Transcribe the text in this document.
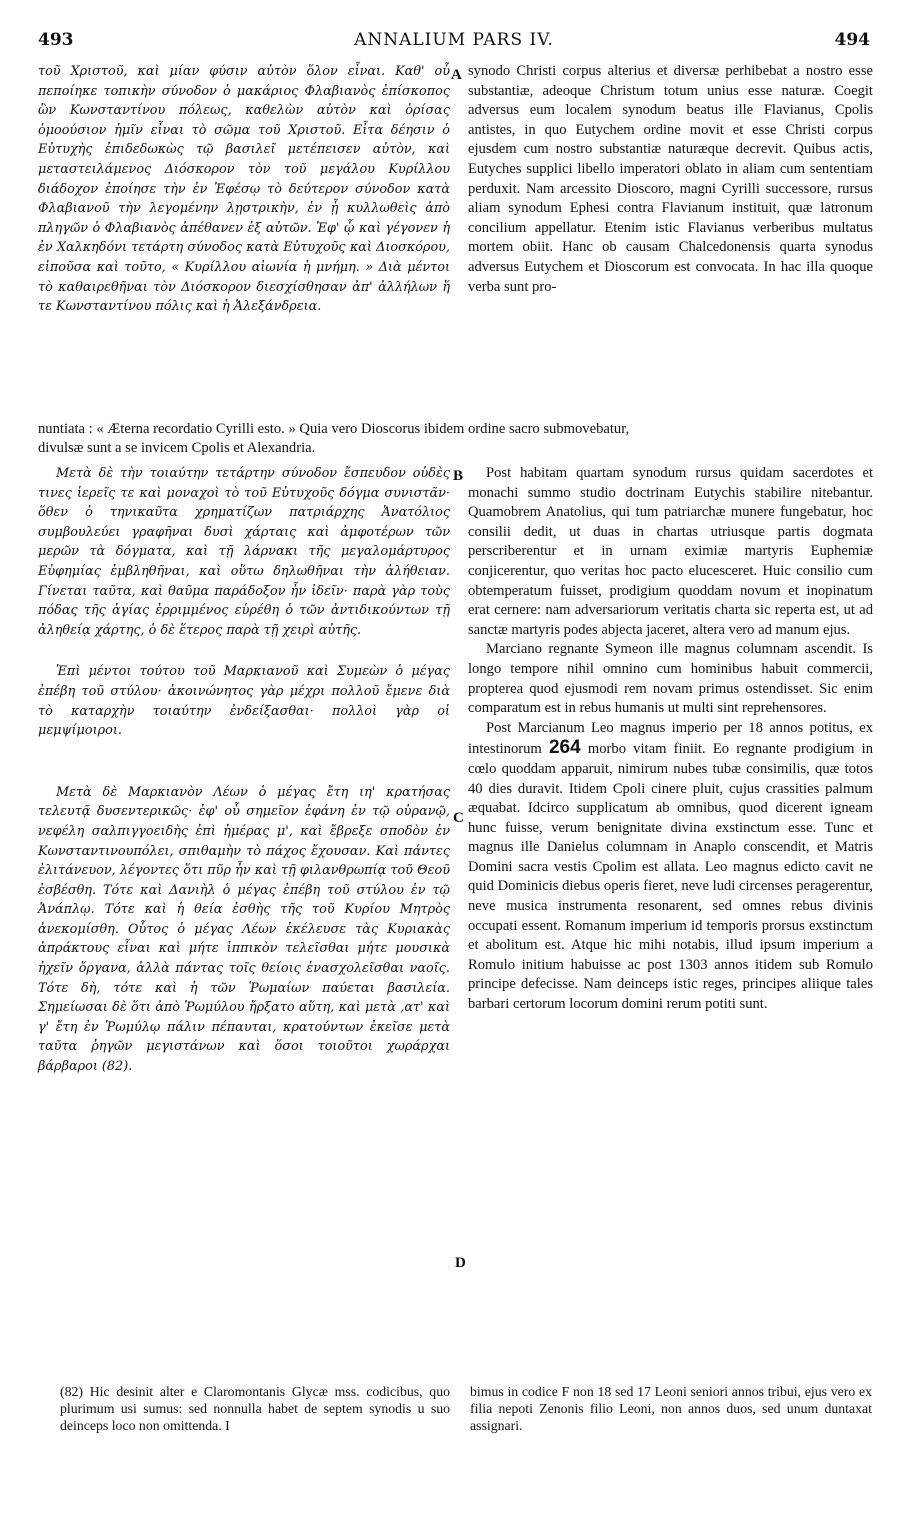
493	ANNALIUM PARS IV.	494
A
B
C
D

τοῦ Χριστοῦ, καὶ μίαν φύσιν αὐτὸν ὅλον εἶναι. Καθ' οὗ πεποίηκε τοπικὴν σύνοδον ὁ μακάριος Φλαβιανὸς ἐπίσκοπος ὢν Κωνσταντίνου πόλεως, καθελὼν αὐτὸν καὶ ὁρίσας ὁμοούσιον ἡμῖν εἶναι τὸ σῶμα τοῦ Χριστοῦ. Εἶτα δέησιν ὁ Εὐτυχὴς ἐπιδεδωκὼς τῷ βασιλεῖ μετέπεισεν αὐτὸν, καὶ μεταστειλάμενος Διόσκορον τὸν τοῦ μεγάλου Κυρίλλου διάδοχον ἐποίησε τὴν ἐν Ἐφέσῳ τὸ δεύτερον σύνοδον κατὰ Φλαβιανοῦ τὴν λεγομένην λῃστρικὴν, ἐν ᾗ κυλλωθεὶς ἀπὸ πληγῶν ὁ Φλαβιανὸς ἀπέθανεν ἐξ αὐτῶν. Ἐφ' ᾧ καὶ γέγονεν ἡ ἐν Χαλκηδόνι τετάρτη σύνοδος κατὰ Εὐτυχοῦς καὶ Διοσκόρου, εἰποῦσα καὶ τοῦτο, « Κυρίλλου αἰωνία ἡ μνήμη. » Διὰ μέντοι τὸ καθαιρεθῆναι τὸν Διόσκορον διεσχίσθησαν ἀπ' ἀλλήλων ἥ τε Κωνσταντίνου πόλις καὶ ἡ Ἀλεξάνδρεια.

synodo Christi corpus alterius et diversæ perhibebat a nostro esse substantiæ, adeoque Christum totum unius esse naturæ. Coegit adversus eum localem synodum beatus ille Flavianus, Cpolis antistes, in quo Eutychem ordine movit et esse Christi corpus ejusdem cum nostro substantiæ naturæque decrevit. Quibus actis, Eutyches supplici libello imperatori oblato in aliam cum sententiam perduxit. Nam arcessito Dioscoro, magni Cyrilli successore, rursus aliam synodum Ephesi contra Flavianum instituit, quæ latronum concilium appellatur. Etenim istic Flavianus verberibus multatus mortem obiit. Hanc ob causam Chalcedonensis quarta synodus adversus Eutychem et Dioscorum est convocata. In hac illa quoque verba sunt pro-

nuntiata : « Æterna recordatio Cyrilli esto. » Quia vero Dioscorus ibidem ordine sacro submovebatur,
divulsæ sunt a se invicem Cpolis et Alexandria.

Μετὰ δὲ τὴν τοιαύτην τετάρτην σύνοδον ἔσπευδον οὐδὲς τινες ἱερεῖς τε καὶ μοναχοὶ τὸ τοῦ Εὐτυχοῦς δόγμα συνιστᾶν· ὅθεν ὁ τηνικαῦτα χρηματίζων πατριάρχης Ἀνατόλιος συμβουλεύει γραφῆναι δυσὶ χάρταις καὶ ἀμφοτέρων τῶν μερῶν τὰ δόγματα, καὶ τῇ λάρνακι τῆς μεγαλομάρτυρος Εὐφημίας ἐμβληθῆναι, καὶ οὕτω δηλωθῆναι τὴν ἀλήθειαν. Γίνεται ταῦτα, καὶ θαῦμα παράδοξον ἦν ἰδεῖν· παρὰ γὰρ τοὺς πόδας τῆς ἁγίας ἐρριμμένος εὑρέθη ὁ τῶν ἀντιδικούντων τῇ ἀληθείᾳ χάρτης, ὁ δὲ ἕτερος παρὰ τῇ χειρὶ αὐτῆς.

Ἐπὶ μέντοι τούτου τοῦ Μαρκιανοῦ καὶ Συμεὼν ὁ μέγας ἐπέβη τοῦ στύλου· ἀκοινώνητος γὰρ μέχρι πολλοῦ ἔμενε διὰ τὸ καταρχὴν τοιαύτην ἐνδείξασθαι· πολλοὶ γὰρ οἱ μεμψίμοιροι.

Μετὰ δὲ Μαρκιανὸν Λέων ὁ μέγας ἔτη ιη' κρατήσας τελευτᾷ δυσεντερικῶς· ἐφ' οὗ σημεῖον ἐφάνη ἐν τῷ οὐρανῷ, νεφέλη σαλπιγγοειδὴς ἐπὶ ἡμέρας μ', καὶ ἔβρεξε σποδὸν ἐν Κωνσταντινουπόλει, σπιθαμὴν τὸ πάχος ἔχουσαν. Καὶ πάντες ἐλιτάνευον, λέγοντες ὅτι πῦρ ἦν καὶ τῇ φιλανθρωπίᾳ τοῦ Θεοῦ ἐσβέσθη. Τότε καὶ Δανιὴλ ὁ μέγας ἐπέβη τοῦ στύλου ἐν τῷ Ἀνάπλῳ. Τότε καὶ ἡ θεία ἐσθὴς τῆς τοῦ Κυρίου Μητρὸς ἀνεκομίσθη. Οὗτος ὁ μέγας Λέων ἐκέλευσε τὰς Κυριακὰς ἀπράκτους εἶναι καὶ μήτε ἱππικὸν τελεῖσθαι μήτε μουσικὰ ἠχεῖν ὄργανα, ἀλλὰ πάντας τοῖς θείοις ἐνασχολεῖσθαι ναοῖς. Τότε δὴ, τότε καὶ ἡ τῶν Ῥωμαίων παύεται βασιλεία. Σημείωσαι δὲ ὅτι ἀπὸ Ῥωμύλου ἤρξατο αὕτη, καὶ μετὰ ,ατ' καὶ γ' ἔτη ἐν Ῥωμύλῳ πάλιν πέπαυται, κρατούντων ἐκεῖσε μετὰ ταῦτα ῥηγῶν μεγιστάνων καὶ ὅσοι τοιοῦτοι χωράρχαι βάρβαροι (82).

Post habitam quartam synodum rursus quidam sacerdotes et monachi summo studio doctrinam Eutychis stabilire nitebantur. Quamobrem Anatolius, qui tum patriarchæ munere fungebatur, hoc consilii dedit, ut duas in chartas utriusque partis dogmata perscriberentur et in urnam eximiæ martyris Euphemiæ conjicerentur, quo veritas hoc pacto elucesceret. Huic consilio cum obtemperatum fuisset, prodigium quoddam novum et inopinatum erat cernere: nam adversariorum veritatis charta sic reperta est, ut ad sanctæ martyris podes abjecta jaceret, altera vero ad manum ejus.

Marciano regnante Symeon ille magnus columnam ascendit. Is longo tempore nihil omnino cum hominibus habuit commercii, propterea quod ejusmodi rem novam primus ostendisset. Sic enim comparatum est in rebus humanis ut multi sint reprehensores.

Post Marcianum Leo magnus imperio per 18 annos potitus, ex intestinorum 264 morbo vitam finiit. Eo regnante prodigium in cœlo quoddam apparuit, nimirum nubes tubæ consimilis, quæ totos 40 dies duravit. Itidem Cpoli cinere pluit, cujus crassities palmum æquabat. Idcirco supplicatum ab omnibus, quod dicerent igneam hunc fuisse, verum benignitate divina exstinctum esse. Tunc et magnus ille Danielus columnam in Anaplo conscendit, et Matris Domini sacra vestis Cpolim est allata. Leo magnus edicto cavit ne quid Dominicis diebus operis fieret, neve ludi circenses peragerentur, neve musica instrumenta resonarent, sed omnes rebus divinis occupati essent. Romanum imperium id temporis prorsus exstinctum et abolitum est. Atque hic mihi notabis, illud ipsum imperium a Romulo initium habuisse ac post 1303 annos itidem sub Romulo principe defecisse. Nam deinceps istic reges, principes aliique tales barbari certorum locorum domini rerum potiti sunt.

(82) Hic desinit alter e Claromontanis Glycæ mss. codicibus, quo plurimum usi sumus: sed nonnulla habet de septem synodis u suo deinceps loco non omittenda. I
bimus in codice F non 18 sed 17 Leoni seniori annos tribui, ejus vero ex filia nepoti Zenonis filio Leoni, non annos duos, sed unum duntaxat assignari.
